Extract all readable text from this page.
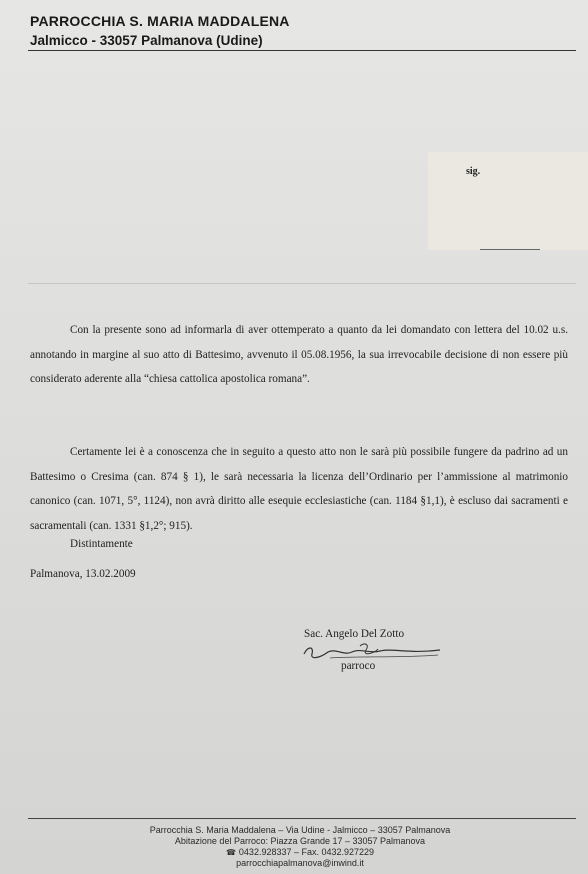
PARROCCHIA S. MARIA MADDALENA
Jalmicco - 33057 Palmanova (Udine)
sig.
Con la presente sono ad informarla di aver ottemperato a quanto da lei domandato con lettera del 10.02 u.s. annotando in margine al suo atto di Battesimo, avvenuto il 05.08.1956, la sua irrevocabile decisione di non essere più considerato aderente alla “chiesa cattolica apostolica romana”.
Certamente lei è a conoscenza che in seguito a questo atto non le sarà più possibile fungere da padrino ad un Battesimo o Cresima (can. 874 § 1), le sarà necessaria la licenza dell’Ordinario per l’ammissione al matrimonio canonico (can. 1071, 5°, 1124), non avrà diritto alle esequie ecclesiastiche (can. 1184 §1,1), è escluso dai sacramenti e sacramentali (can. 1331 §1,2°; 915).
Distintamente
Palmanova, 13.02.2009
Sac. Angelo Del Zotto
parroco
Parrocchia S. Maria Maddalena – Via Udine - Jalmicco – 33057 Palmanova
Abitazione del Parroco: Piazza Grande 17 – 33057 Palmanova
☎ 0432.928337 – Fax. 0432.927229
parrocchiapalmanova@inwind.it
